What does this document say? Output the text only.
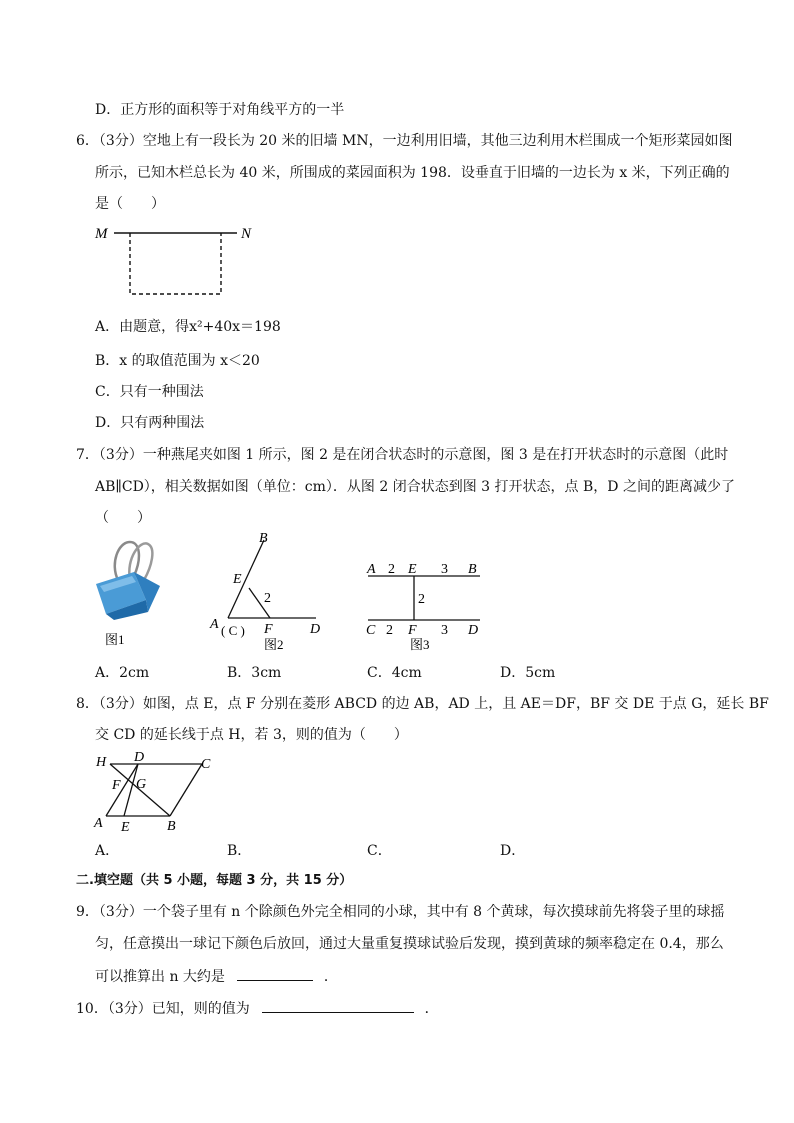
D．正方形的面积等于对角线平方的一半
6．（3分）空地上有一段长为 20 米的旧墙 MN，一边利用旧墙，其他三边利用木栏围成一个矩形菜园如图
所示，已知木栏总长为 40 米，所围成的菜园面积为 198．设垂直于旧墙的一边长为 x 米，下列正确的
是（　　）
M	N
A．由题意，得x²+40x＝198
B．x 的取值范围为 x＜20
C．只有一种围法
D．只有两种围法
7．（3分）一种燕尾夹如图 1 所示，图 2 是在闭合状态时的示意图，图 3 是在打开状态时的示意图（此时
AB∥CD），相关数据如图（单位：cm）．从图 2 闭合状态到图 3 打开状态，点 B，D 之间的距离减少了
（　　）
图1
B
E
2
A ( C ) F	D
图2
A 2 E 3 B
2
C 2 F 3 D
图3
A．2cm	B．3cm	C．4cm	D．5cm
8．（3分）如图，点 E，点 F 分别在菱形 ABCD 的边 AB，AD 上，且 AE＝DF，BF 交 DE 于点 G，延长 BF
交 CD 的延长线于点 H，若 3，则的值为（　　）
H D	C
F G
A E	B
A．	B．	C．	D．
二.填空题（共 5 小题，每题 3 分，共 15 分）
9．（3分）一个袋子里有 n 个除颜色外完全相同的小球，其中有 8 个黄球，每次摸球前先将袋子里的球摇
匀，任意摸出一球记下颜色后放回，通过大量重复摸球试验后发现，摸到黄球的频率稳定在 0.4，那么
可以推算出 n 大约是	．
10．（3分）已知，则的值为	．
